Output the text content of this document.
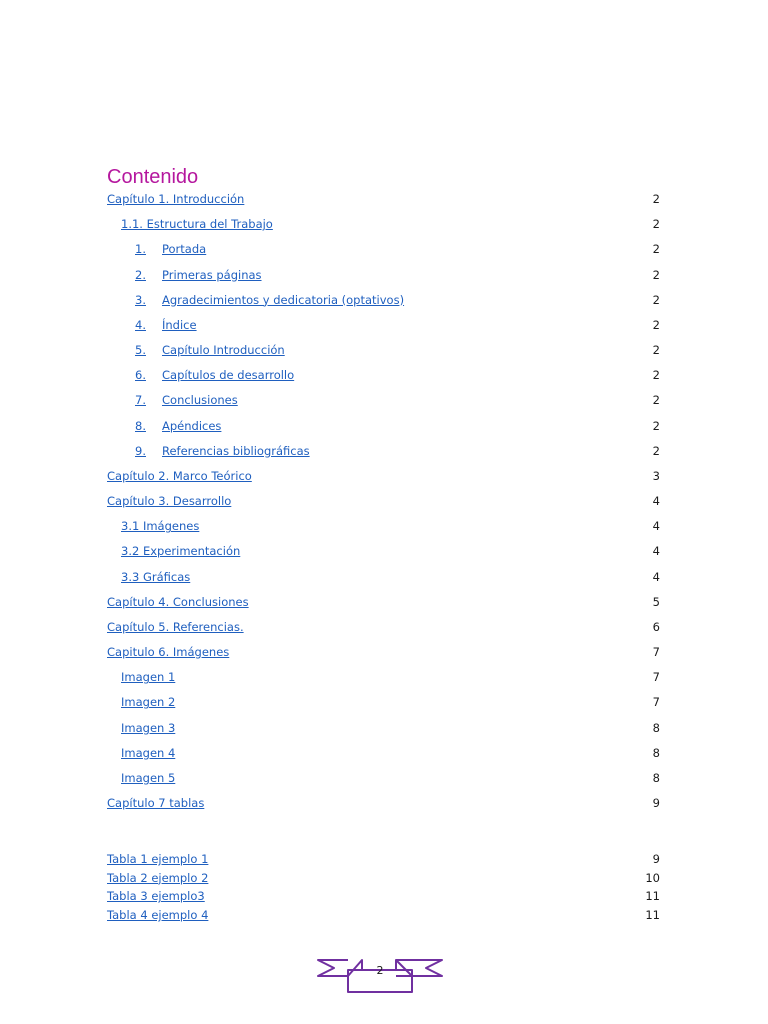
Contenido
Capítulo 1. Introducción	2
1.1. Estructura del Trabajo	2
1. Portada	2
2. Primeras páginas	2
3. Agradecimientos y dedicatoria (optativos)	2
4. Índice	2
5. Capítulo Introducción	2
6. Capítulos de desarrollo	2
7. Conclusiones	2
8. Apéndices	2
9. Referencias bibliográficas	2
Capítulo 2. Marco Teórico	3
Capítulo 3. Desarrollo	4
3.1 Imágenes	4
3.2 Experimentación	4
3.3 Gráficas	4
Capítulo 4. Conclusiones	5
Capítulo 5. Referencias.	6
Capitulo 6. Imágenes	7
Imagen 1	7
Imagen 2	7
Imagen 3	8
Imagen 4	8
Imagen 5	8
Capítulo 7 tablas	9
Tabla 1 ejemplo 1	9
Tabla 2 ejemplo 2	10
Tabla 3 ejemplo3	11
Tabla 4 ejemplo 4	11
2
